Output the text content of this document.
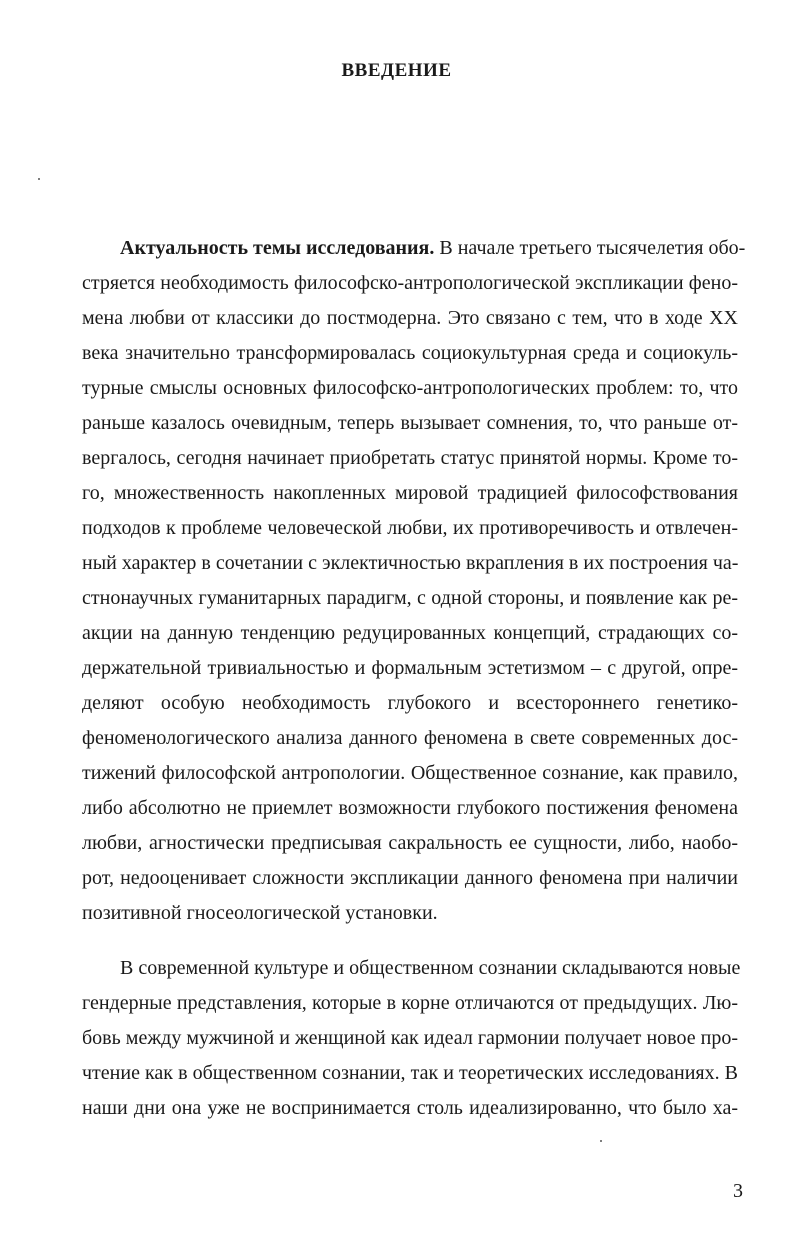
ВВЕДЕНИЕ
Актуальность темы исследования. В начале третьего тысячелетия обо-
стряется необходимость философско-антропологической экспликации фено-
мена любви от классики до постмодерна. Это связано с тем, что в ходе XX
века значительно трансформировалась социокультурная среда и социокуль-
турные смыслы основных философско-антропологических проблем: то, что
раньше казалось очевидным, теперь вызывает сомнения, то, что раньше от-
вергалось, сегодня начинает приобретать статус принятой нормы. Кроме то-
го, множественность накопленных мировой традицией философствования
подходов к проблеме человеческой любви, их противоречивость и отвлечен-
ный характер в сочетании с эклектичностью вкрапления в их построения ча-
стнонаучных гуманитарных парадигм, с одной стороны, и появление как ре-
акции на данную тенденцию редуцированных концепций, страдающих со-
держательной тривиальностью и формальным эстетизмом – с другой, опре-
деляют особую необходимость глубокого и всестороннего генетико-
феноменологического анализа данного феномена в свете современных дос-
тижений философской антропологии. Общественное сознание, как правило,
либо абсолютно не приемлет возможности глубокого постижения феномена
любви, агностически предписывая сакральность ее сущности, либо, наобо-
рот, недооценивает сложности экспликации данного феномена при наличии
позитивной гносеологической установки.
В современной культуре и общественном сознании складываются новые
гендерные представления, которые в корне отличаются от предыдущих. Лю-
бовь между мужчиной и женщиной как идеал гармонии получает новое про-
чтение как в общественном сознании, так и теоретических исследованиях. В
наши дни она уже не воспринимается столь идеализированно, что было ха-
3
